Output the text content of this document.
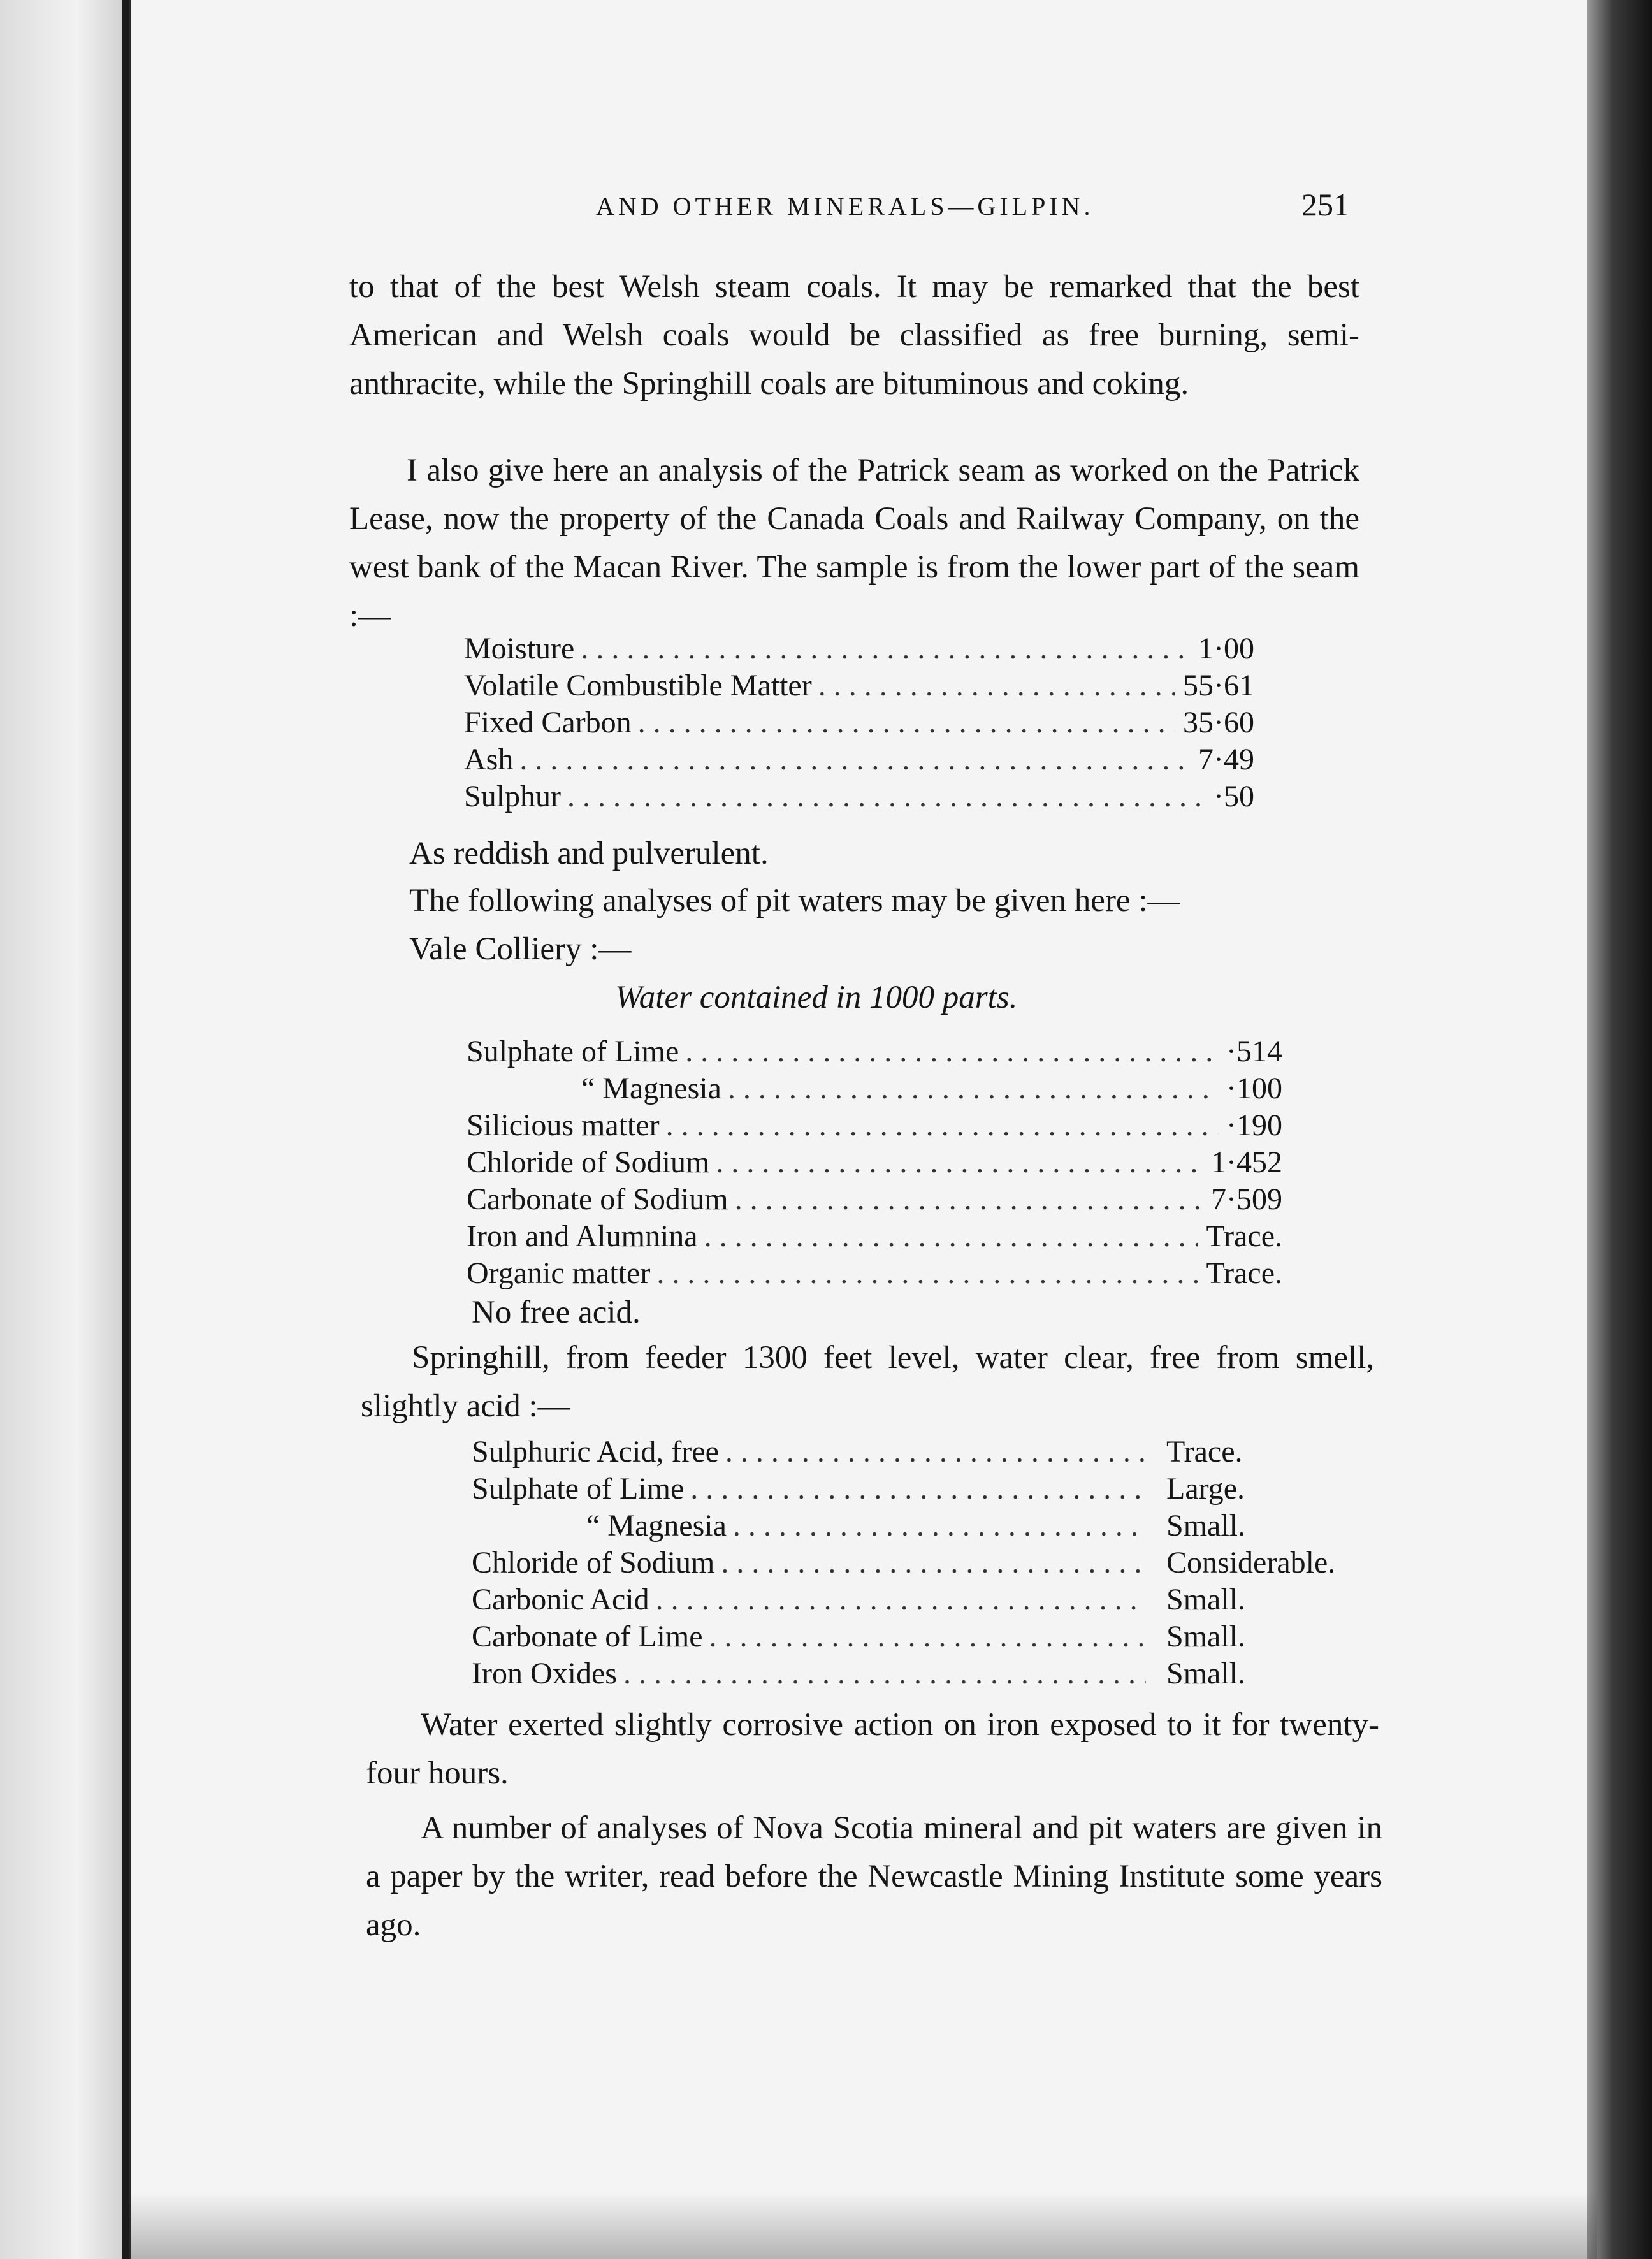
AND OTHER MINERALS—GILPIN.	251
to that of the best Welsh steam coals. It may be remarked that the best American and Welsh coals would be classified as free burning, semi-anthracite, while the Springhill coals are bituminous and coking.
I also give here an analysis of the Patrick seam as worked on the Patrick Lease, now the property of the Canada Coals and Railway Company, on the west bank of the Macan River. The sample is from the lower part of the seam :—
Moisture . . .	1·00
Volatile Combustible Matter . . .	55·61
Fixed Carbon . . .	35·60
Ash . . .	7·49
Sulphur . . .	·50
As reddish and pulverulent.
The following analyses of pit waters may be given here :—
Vale Colliery :—
Water contained in 1000 parts.
Sulphate of Lime . . .	·514
“ Magnesia . . .	·100
Silicious matter . . .	·190
Chloride of Sodium . . .	1·452
Carbonate of Sodium . . .	7·509
Iron and Alumnina . . .	Trace.
Organic matter . . .	Trace.
No free acid.
Springhill, from feeder 1300 feet level, water clear, free from smell, slightly acid :—
Sulphuric Acid, free . . .	Trace.
Sulphate of Lime . . .	Large.
“ Magnesia . . .	Small.
Chloride of Sodium . . .	Considerable.
Carbonic Acid . . .	Small.
Carbonate of Lime . . .	Small.
Iron Oxides . . .	Small.
Water exerted slightly corrosive action on iron exposed to it for twenty-four hours.
A number of analyses of Nova Scotia mineral and pit waters are given in a paper by the writer, read before the Newcastle Mining Institute some years ago.
